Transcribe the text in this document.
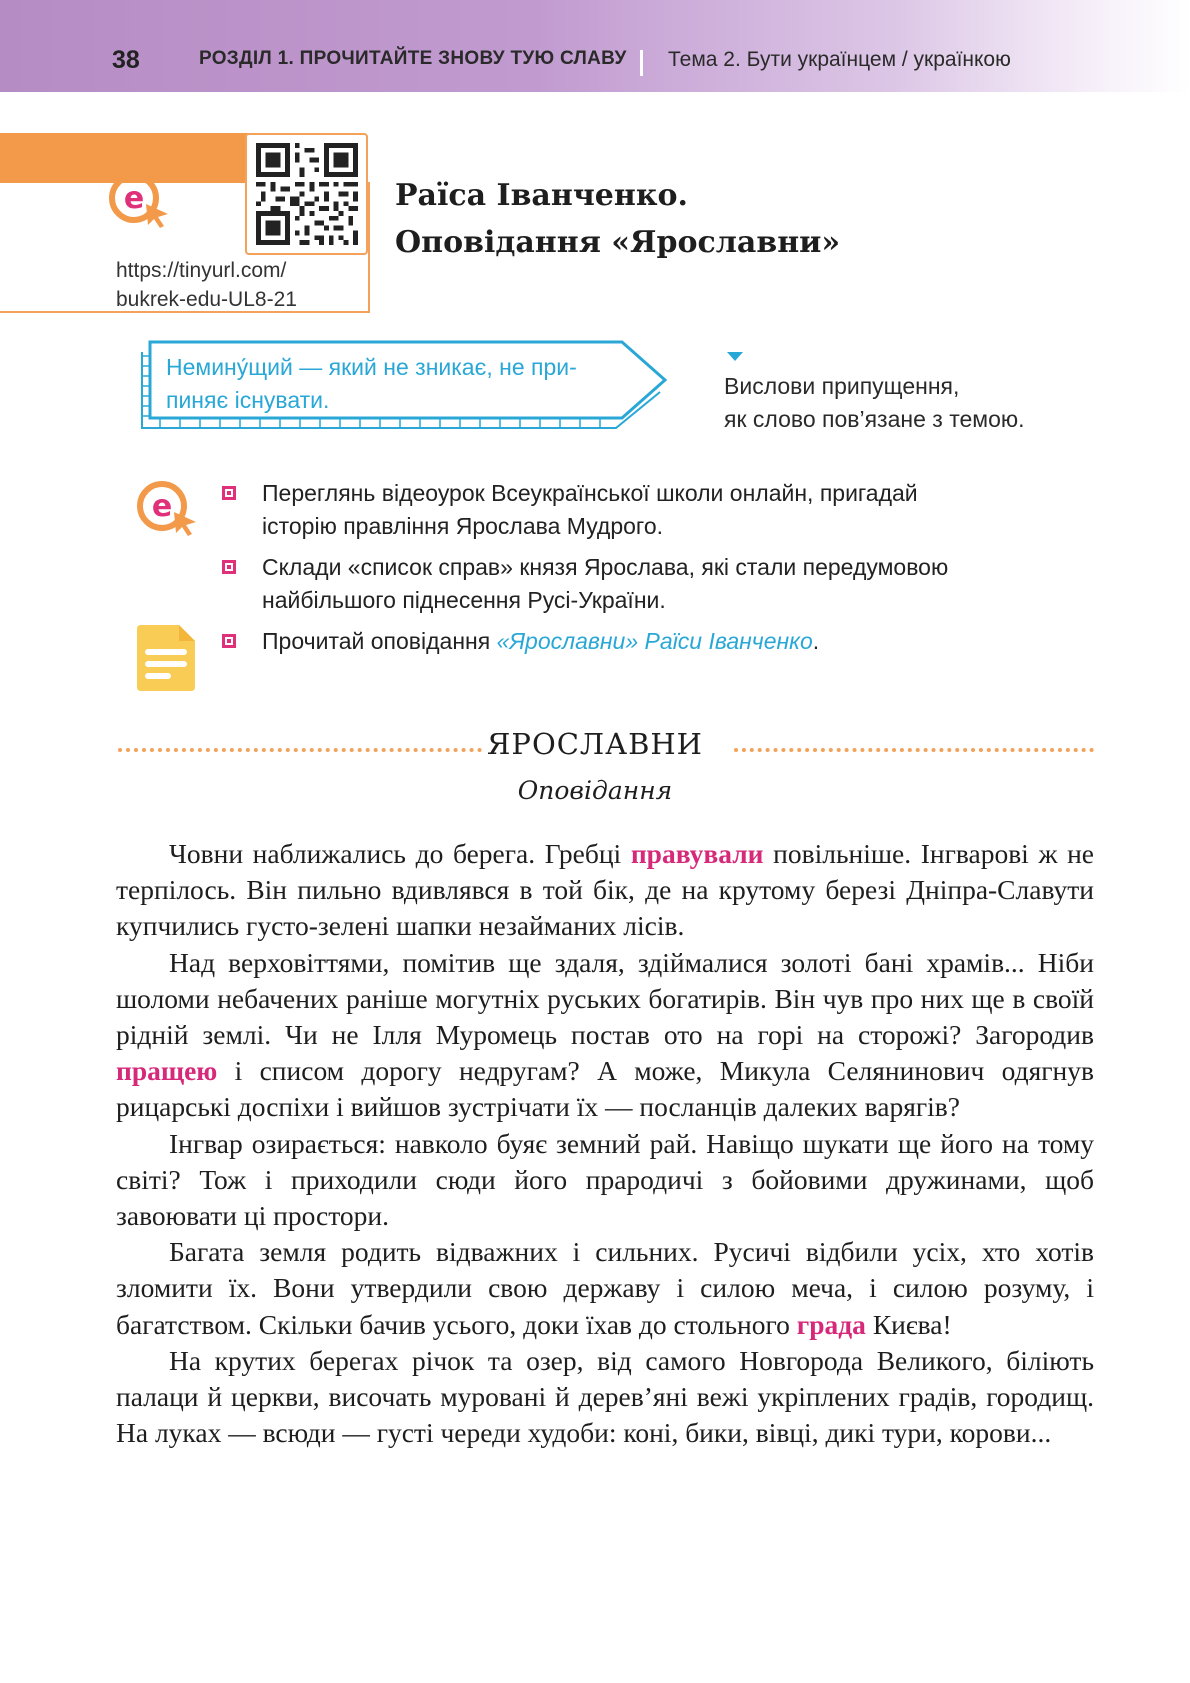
38	РОЗДІЛ 1. ПРОЧИТАЙТЕ ЗНОВУ ТУЮ СЛАВУ Тема 2. Бути українцем / українкою
e
https://tinyurl.com/
bukrek-edu-UL8-21
Раїса Іванченко.
Оповідання «Ярославни»
Немину́щий — який не зникає, не при-
пиняє існувати.
Вислови припущення,
як слово пов’язане з темою.
e	Переглянь відеоурок Всеукраїнської школи онлайн, пригадай
історію правління Ярослава Мудрого.
Склади «список справ» князя Ярослава, які стали передумовою
найбільшого піднесення Русі-України.
Прочитай оповідання «Ярославни» Раїси Іванченко.
ЯРОСЛАВНИ
Оповідання

Човни наближались до берега. Гребці правували повільніше. Інгварові ж не терпілось. Він пильно вдивлявся в той бік, де на крутому березі Дніпра-Славути купчились густо-зелені шапки незайманих лісів.

Над верховіттями, помітив ще здаля, здіймалися золоті бані храмів... Ніби шоломи небачених раніше могутніх руських богатирів. Він чув про них ще в своїй рідній землі. Чи не Ілля Муромець постав ото на горі на сторожі? Загородив пращею і списом дорогу недругам? А може, Микула Селянинович одягнув рицарські доспіхи і вийшов зустрічати їх — посланців далеких варягів?

Інгвар озирається: навколо буяє земний рай. Навіщо шукати ще його на тому світі? Тож і приходили сюди його прародичі з бойовими дружинами, щоб завоювати ці простори.

Багата земля родить відважних і сильних. Русичі відбили усіх, хто хотів зломити їх. Вони утвердили свою державу і силою меча, і силою розуму, і багатством. Скільки бачив усього, доки їхав до стольного града Києва!

На крутих берегах річок та озер, від самого Новгорода Великого, біліють палаци й церкви, височать муровані й дерев’яні вежі укріплених градів, городищ. На луках — всюди — густі череди худоби: коні, бики, вівці, дикі тури, корови...
